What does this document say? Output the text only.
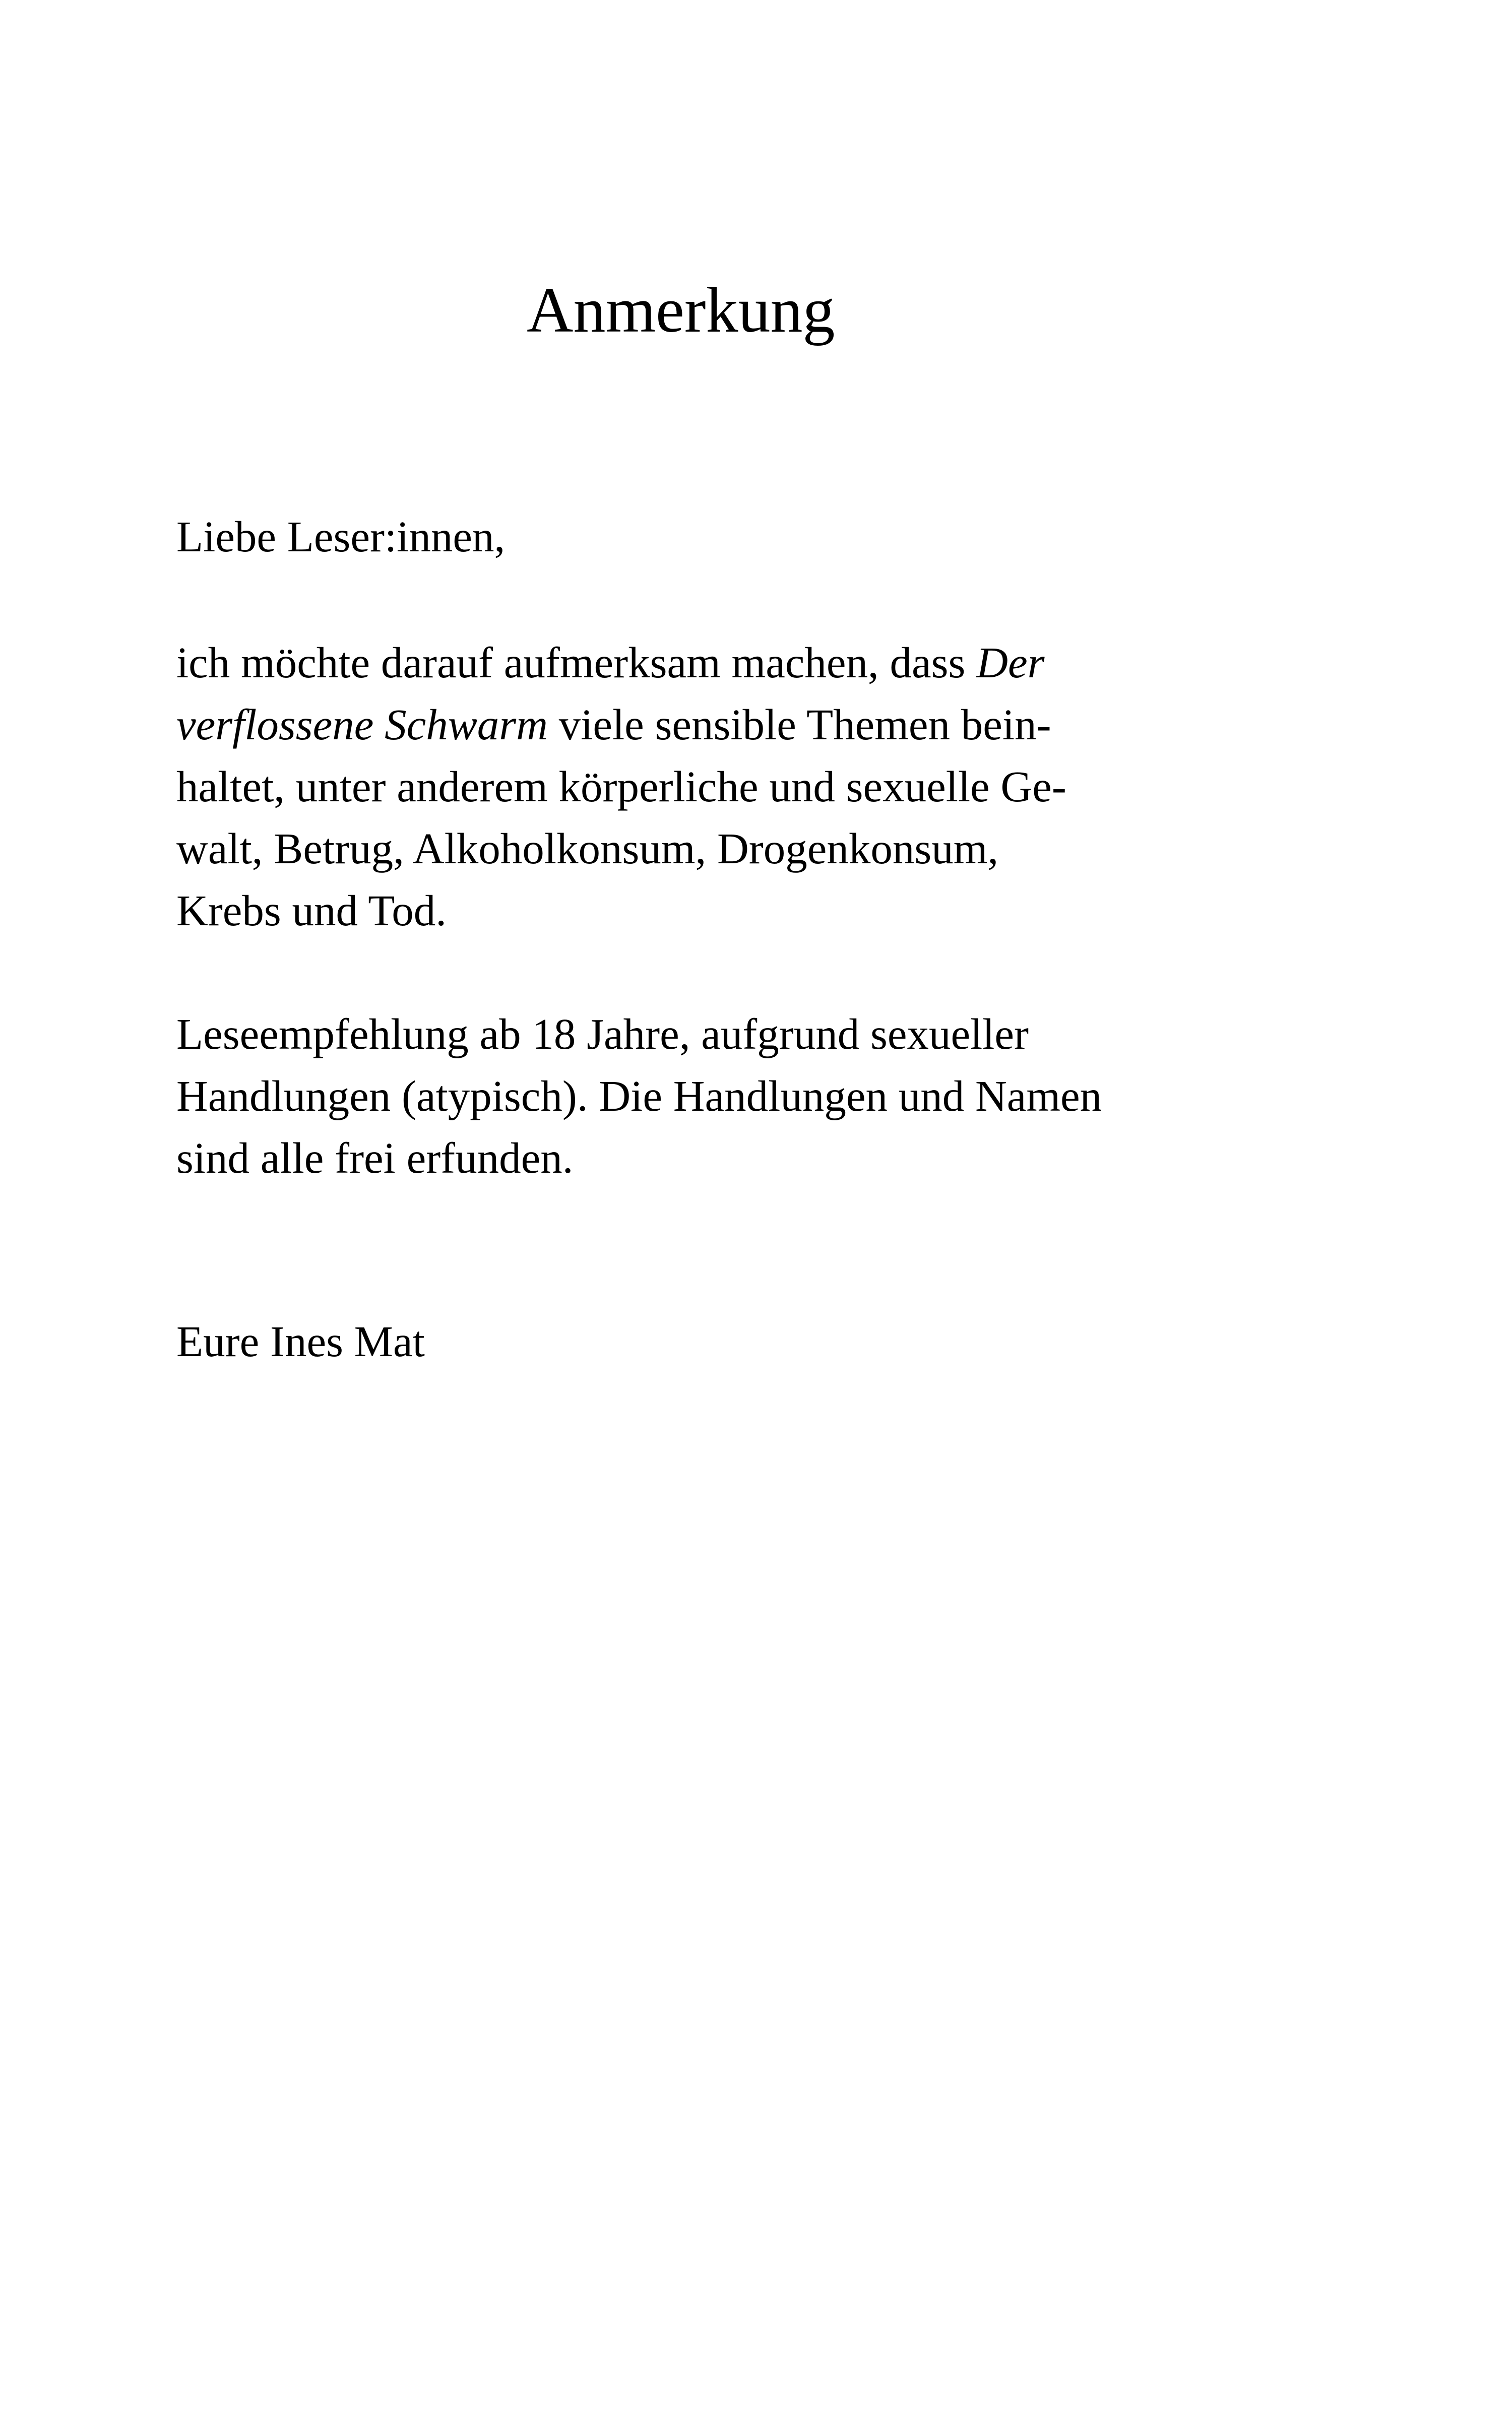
Anmerkung

Liebe Leser:innen,

ich möchte darauf aufmerksam machen, dass Der
verflossene Schwarm viele sensible Themen bein-
haltet, unter anderem körperliche und sexuelle Ge-
walt, Betrug, Alkoholkonsum, Drogenkonsum,
Krebs und Tod.

Leseempfehlung ab 18 Jahre, aufgrund sexueller
Handlungen (atypisch). Die Handlungen und Namen
sind alle frei erfunden.

Eure Ines Mat
